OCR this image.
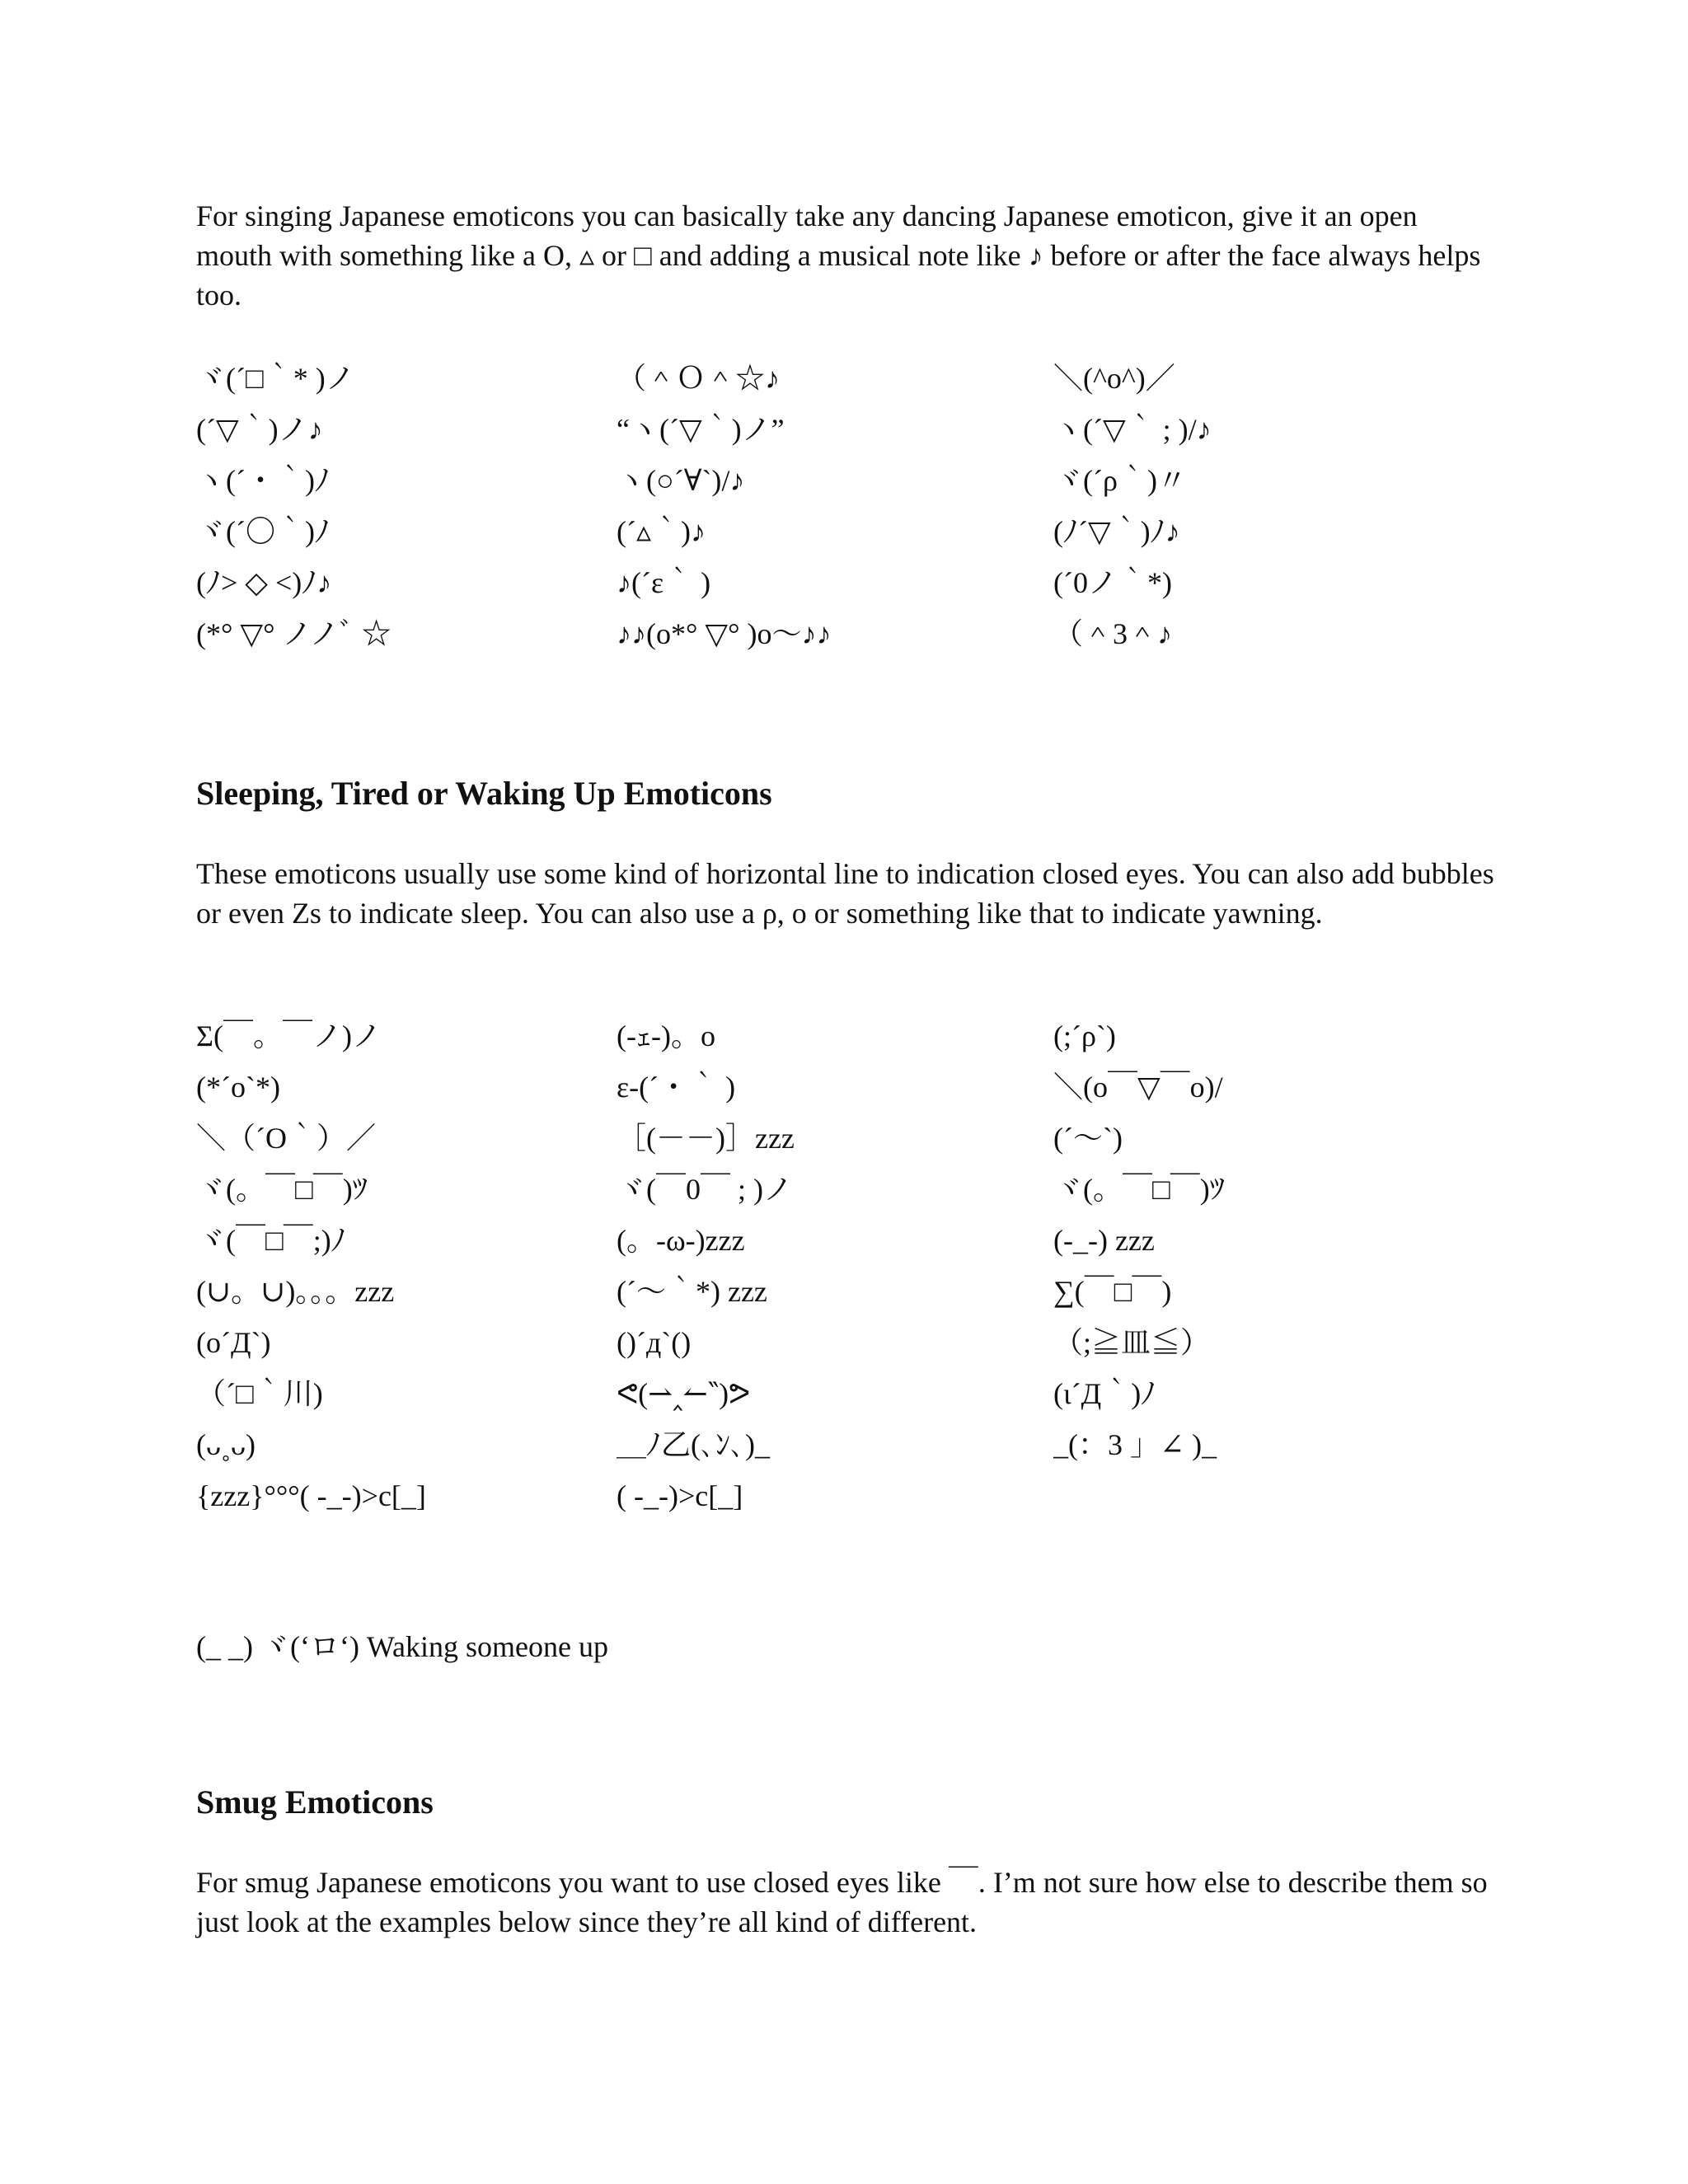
For singing Japanese emoticons you can basically take any dancing Japanese emoticon, give it an open mouth with something like a O, ▵ or □ and adding a musical note like ♪ before or after the face always helps too.

ヾ(´□｀* )ノ	（＾Ｏ＾☆♪	＼(^o^)／
(´▽｀)ノ♪	“ヽ(´▽｀)ノ”	ヽ(´▽｀ ; )/♪
ヽ(´・｀)ﾉ	ヽ(○´∀`)/♪	ヾ(´ρ｀)〃
ヾ(´〇｀)ﾉ	(´▵｀)♪	(ﾉ´▽｀)ﾉ♪
(ﾉ> ◇ <)ﾉ♪	♪(´ε｀ )	(´0ノ｀*)
(*° ▽° ノノﾞ ☆	♪♪(o*° ▽° )o〜♪♪	（＾3＾♪
Sleeping, Tired or Waking Up Emoticons

These emoticons usually use some kind of horizontal line to indication closed eyes. You can also add bubbles or even Zs to indicate sleep. You can also use a ρ, o or something like that to indicate yawning.

Σ(￣。￣ノ)ノ	(-ｪ-)。o	(;´ρ`)
(*´o`*)	ε-(´・｀ )	＼(o￣▽￣o)/
＼（´O｀）／	［(－－)］zzz	(´〜`)
ヾ(。￣□￣)ﾂ	ヾ(￣0￣ ; )ノ	ヾ(。￣□￣)ﾂ
ヾ(￣□￣;)ﾉ	(。-ω-)zzz	(-_-) zzz
(∪。∪)。。。zzz	(´〜｀*) zzz	∑(￣□￣)
(o´Д`)	()´д`()	（;≧皿≦）
（´□｀川)	ᕙ(⇀‸↼‶)ᕗ	(ι´Д｀)ﾉ
(ᴗ˳ᴗ)	＿ﾉ乙(､ﾝ､)_	_(：3 」∠ )_
{zzz}°°°( -_-)>c[_]	( -_-)>c[_]

(_ _) ヾ(‘ロ‘) Waking someone up

Smug Emoticons

For smug Japanese emoticons you want to use closed eyes like ￣. I’m not sure how else to describe them so just look at the examples below since they’re all kind of different.
